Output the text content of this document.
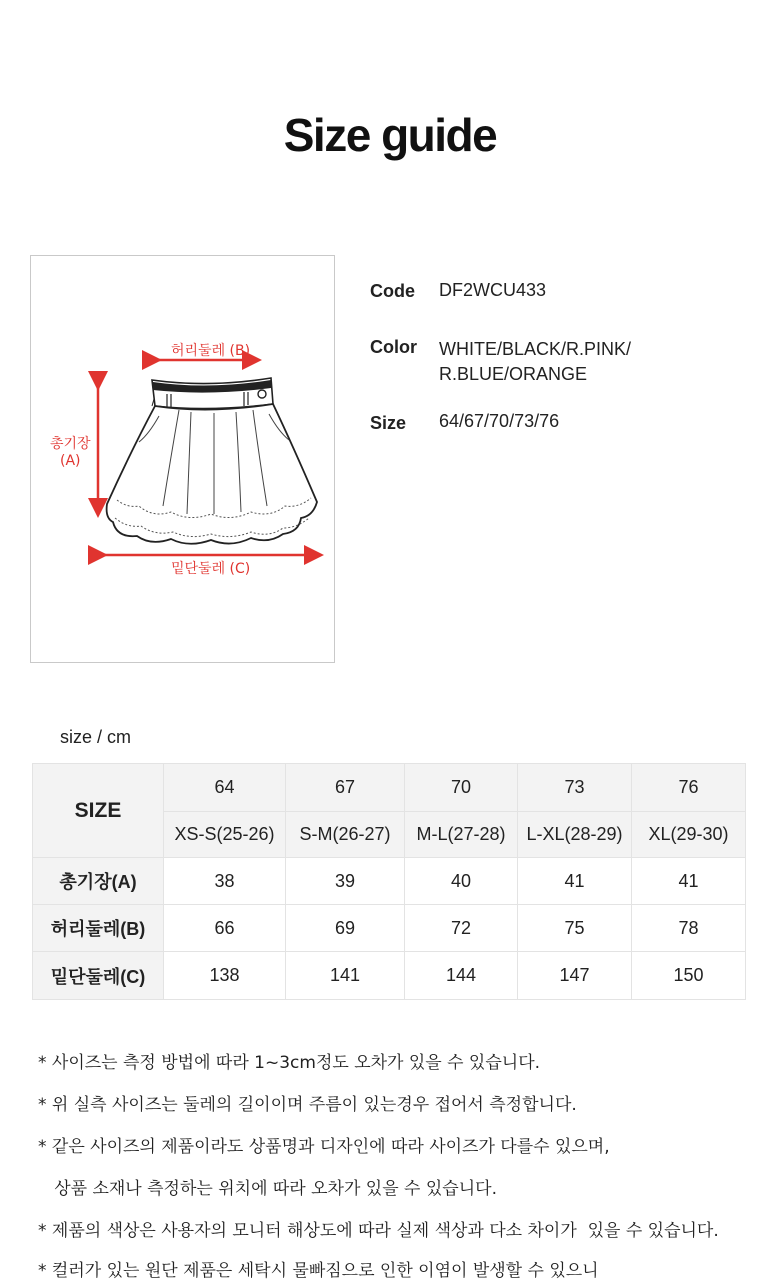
Size guide
허리둘레 (B)
총기장
(A)
밑단둘레 (C)
Code DF2WCU433
Color WHITE/BLACK/R.PINK/
R.BLUE/ORANGE
Size 64/67/70/73/76
size / cm
SIZE	64	67	70	73	76
	XS-S(25-26)	S-M(26-27)	M-L(27-28)	L-XL(28-29)	XL(29-30)
총기장(A)	38	39	40	41	41
허리둘레(B)	66	69	72	75	78
밑단둘레(C)	138	141	144	147	150
* 사이즈는 측정 방법에 따라 1~3cm정도 오차가 있을 수 있습니다.
* 위 실측 사이즈는 둘레의 길이이며 주름이 있는경우 접어서 측정합니다.
* 같은 사이즈의 제품이라도 상품명과 디자인에 따라 사이즈가 다를수 있으며,
상품 소재나 측정하는 위치에 따라 오차가 있을 수 있습니다.
* 제품의 색상은 사용자의 모니터 해상도에 따라 실제 색상과 다소 차이가  있을 수 있습니다.
* 컬러가 있는 원단 제품은 세탁시 물빠짐으로 인한 이염이 발생할 수 있으니
